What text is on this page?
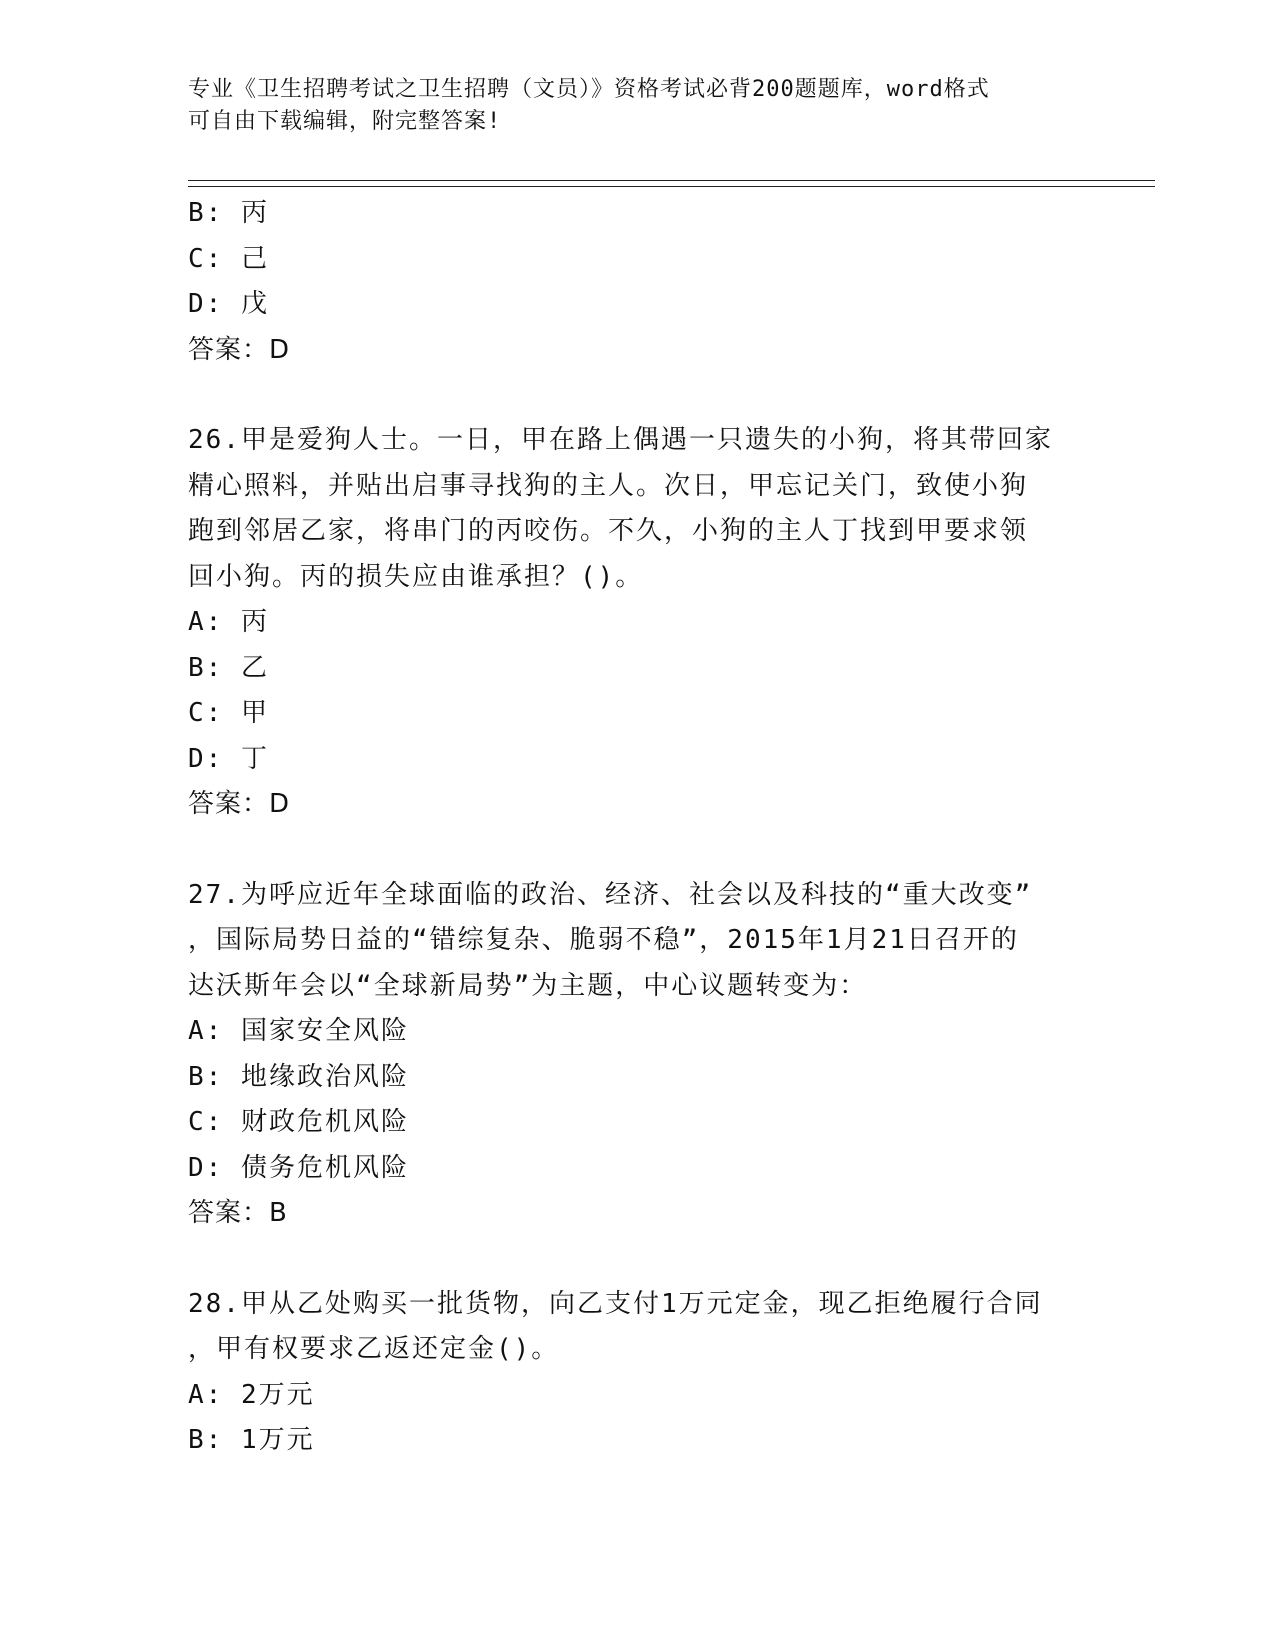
专业《卫生招聘考试之卫生招聘（文员）》资格考试必背200题题库，word格式
可自由下载编辑，附完整答案!
B: 丙
C: 己
D: 戊
答案：D
26.甲是爱狗人士。一日，甲在路上偶遇一只遗失的小狗，将其带回家
精心照料，并贴出启事寻找狗的主人。次日，甲忘记关门，致使小狗
跑到邻居乙家，将串门的丙咬伤。不久，小狗的主人丁找到甲要求领
回小狗。丙的损失应由谁承担？()。
A: 丙
B: 乙
C: 甲
D: 丁
答案：D
27.为呼应近年全球面临的政治、经济、社会以及科技的“重大改变”
，国际局势日益的“错综复杂、脆弱不稳”，2015年1月21日召开的
达沃斯年会以“全球新局势”为主题，中心议题转变为：
A: 国家安全风险
B: 地缘政治风险
C: 财政危机风险
D: 债务危机风险
答案：B
28.甲从乙处购买一批货物，向乙支付1万元定金，现乙拒绝履行合同
，甲有权要求乙返还定金()。
A: 2万元
B: 1万元
